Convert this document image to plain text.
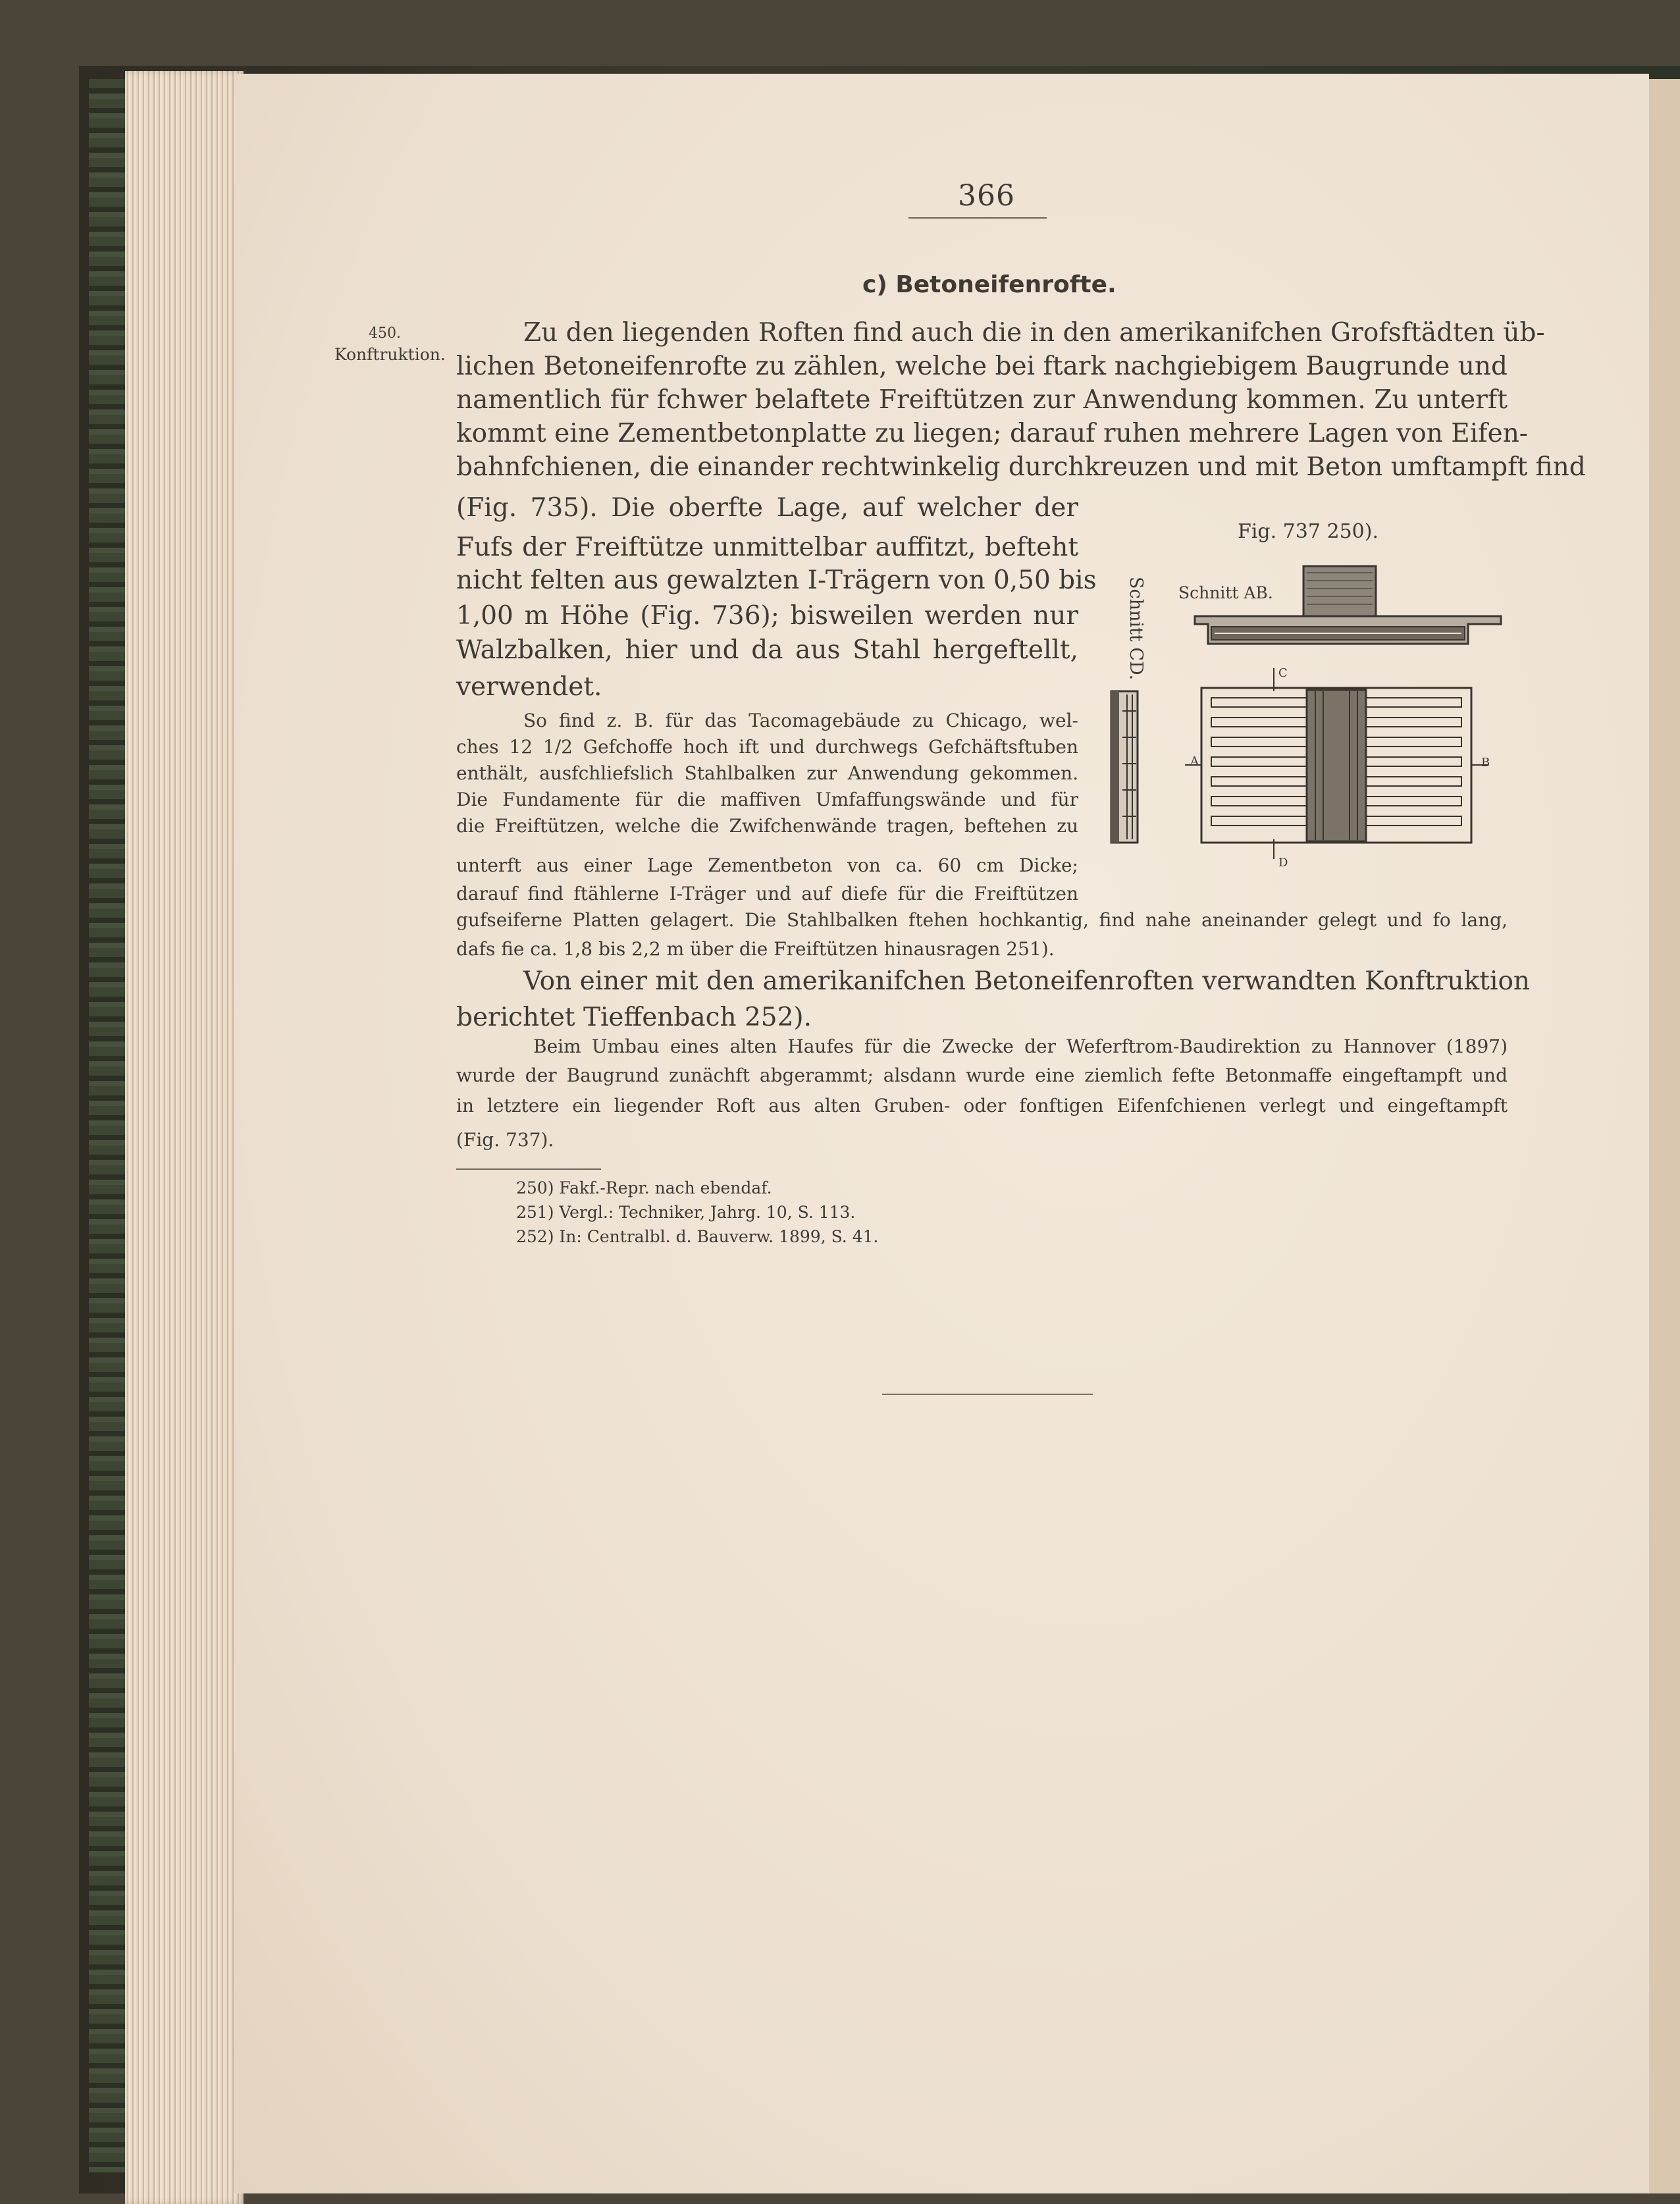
366
c) Betoneifenrofte.
450.
Konftruktion.
Zu den liegenden Roften find auch die in den amerikanifchen Grofsftädten üb-
lichen Betoneifenrofte zu zählen, welche bei ftark nachgiebigem Baugrunde und
namentlich für fchwer belaftete Freiftützen zur Anwendung kommen. Zu unterft
kommt eine Zementbetonplatte zu liegen; darauf ruhen mehrere Lagen von Eifen-
bahnfchienen, die einander rechtwinkelig durchkreuzen und mit Beton umftampft find
(Fig. 735). Die oberfte Lage, auf welcher der
Fufs der Freiftütze unmittelbar auffitzt, befteht
nicht felten aus gewalzten I-Trägern von 0,50 bis
1,00 m Höhe (Fig. 736); bisweilen werden nur
Walzbalken, hier und da aus Stahl hergeftellt,
verwendet.
So find z. B. für das Tacomagebäude zu Chicago, wel-
ches 12 1/2 Gefchoffe hoch ift und durchwegs Gefchäftsftuben
enthält, ausfchliefslich Stahlbalken zur Anwendung gekommen.
Die Fundamente für die maffiven Umfaffungswände und für
die Freiftützen, welche die Zwifchenwände tragen, beftehen zu
unterft aus einer Lage Zementbeton von ca. 60 cm Dicke;
darauf find ftählerne I-Träger und auf diefe für die Freiftützen
gufseiferne Platten gelagert. Die Stahlbalken ftehen hochkantig, find nahe aneinander gelegt und fo lang,
dafs fie ca. 1,8 bis 2,2 m über die Freiftützen hinausragen 251).
Von einer mit den amerikanifchen Betoneifenroften verwandten Konftruktion
berichtet Tieffenbach 252).
Beim Umbau eines alten Haufes für die Zwecke der Weferftrom-Baudirektion zu Hannover (1897)
wurde der Baugrund zunächft abgerammt; alsdann wurde eine ziemlich fefte Betonmaffe eingeftampft und
in letztere ein liegender Roft aus alten Gruben- oder fonftigen Eifenfchienen verlegt und eingeftampft
(Fig. 737).
250) Fakf.-Repr. nach ebendaf.
251) Vergl.: Techniker, Jahrg. 10, S. 113.
252) In: Centralbl. d. Bauverw. 1899, S. 41.
Fig. 737 250).
Schnitt AB.
Schnitt CD.
A	B
C
D
